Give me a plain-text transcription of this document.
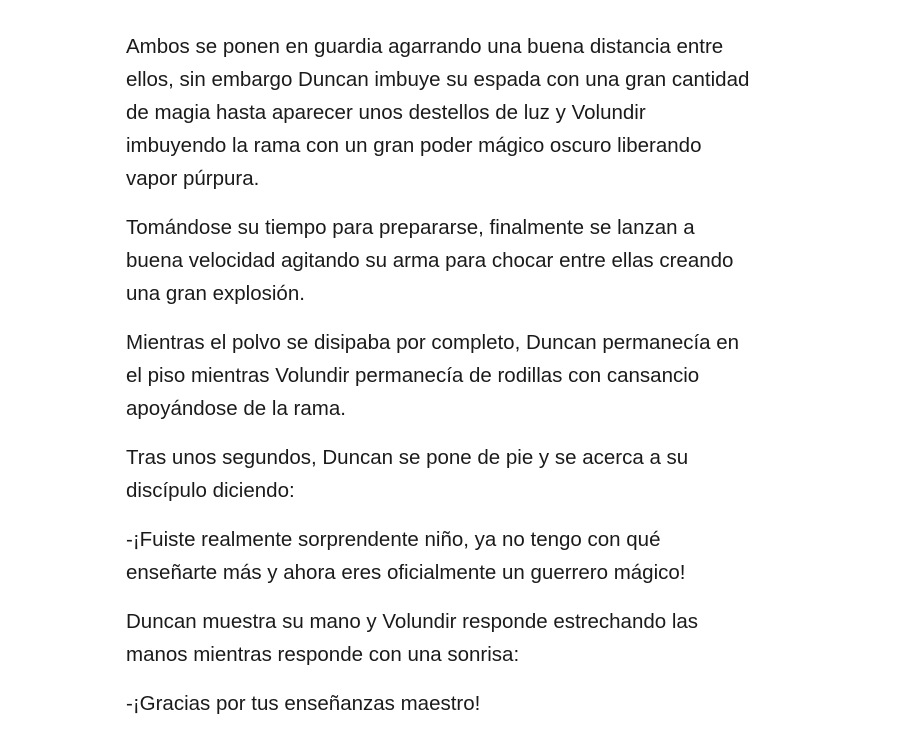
Ambos se ponen en guardia agarrando una buena distancia entre
ellos, sin embargo Duncan imbuye su espada con una gran cantidad
de magia hasta aparecer unos destellos de luz y Volundir
imbuyendo la rama con un gran poder mágico oscuro liberando
vapor púrpura.

Tomándose su tiempo para prepararse, finalmente se lanzan a
buena velocidad agitando su arma para chocar entre ellas creando
una gran explosión.

Mientras el polvo se disipaba por completo, Duncan permanecía en
el piso mientras Volundir permanecía de rodillas con cansancio
apoyándose de la rama.

Tras unos segundos, Duncan se pone de pie y se acerca a su
discípulo diciendo:

-¡Fuiste realmente sorprendente niño, ya no tengo con qué
enseñarte más y ahora eres oficialmente un guerrero mágico!

Duncan muestra su mano y Volundir responde estrechando las
manos mientras responde con una sonrisa:

-¡Gracias por tus enseñanzas maestro!
